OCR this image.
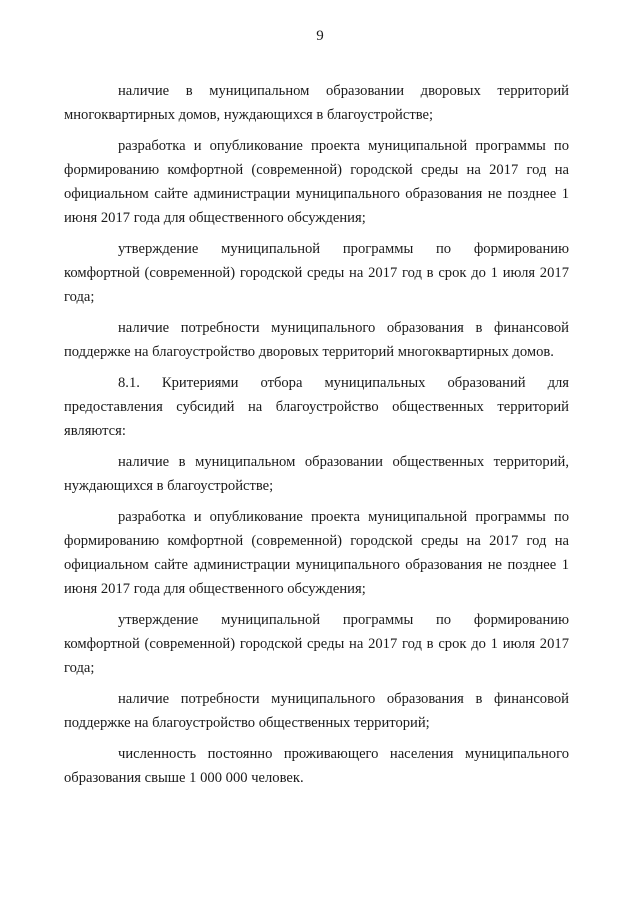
9

наличие в муниципальном образовании дворовых территорий многоквартирных домов, нуждающихся в благоустройстве;

разработка и опубликование проекта муниципальной программы по формированию комфортной (современной) городской среды на 2017 год на официальном сайте администрации муниципального образования не позднее 1 июня 2017 года для общественного обсуждения;

утверждение муниципальной программы по формированию комфортной (современной) городской среды на 2017 год в срок до 1 июля 2017 года;

наличие потребности муниципального образования в финансовой поддержке на благоустройство дворовых территорий многоквартирных домов.

8.1. Критериями отбора муниципальных образований для предоставления субсидий на благоустройство общественных территорий являются:

наличие в муниципальном образовании общественных территорий, нуждающихся в благоустройстве;

разработка и опубликование проекта муниципальной программы по формированию комфортной (современной) городской среды на 2017 год на официальном сайте администрации муниципального образования не позднее 1 июня 2017 года для общественного обсуждения;

утверждение муниципальной программы по формированию комфортной (современной) городской среды на 2017 год в срок до 1 июля 2017 года;

наличие потребности муниципального образования в финансовой поддержке на благоустройство общественных территорий;

численность постоянно проживающего населения муниципального образования свыше 1 000 000 человек.
